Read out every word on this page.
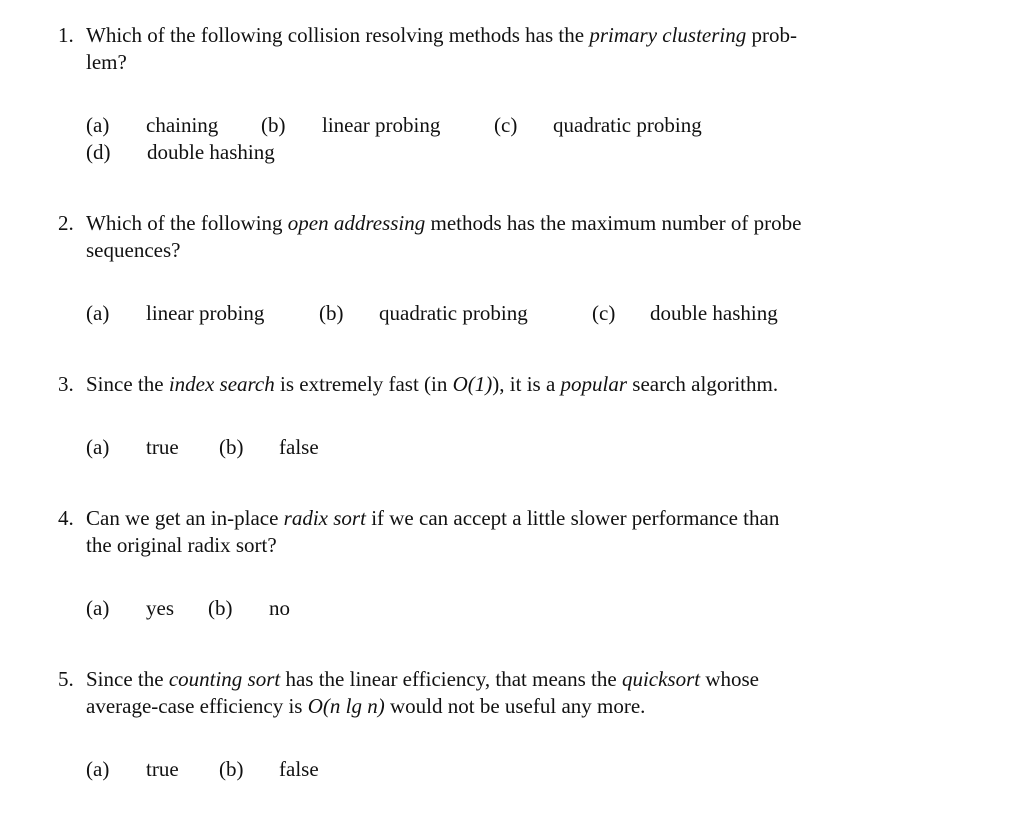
1. Which of the following collision resolving methods has the primary clustering prob-
lem?
(a) chaining (b) linear probing	(c) quadratic probing
(d) double hashing
2. Which of the following open addressing methods has the maximum number of probe
sequences?
(a) linear probing	(b) quadratic probing	(c) double hashing
3. Since the index search is extremely fast (in O(1)), it is a popular search algorithm.
(a) true (b) false
4. Can we get an in-place radix sort if we can accept a little slower performance than
the original radix sort?
(a) yes (b) no
5. Since the counting sort has the linear efficiency, that means the quicksort whose
average-case efficiency is O(n lg n) would not be useful any more.
(a) true (b) false
